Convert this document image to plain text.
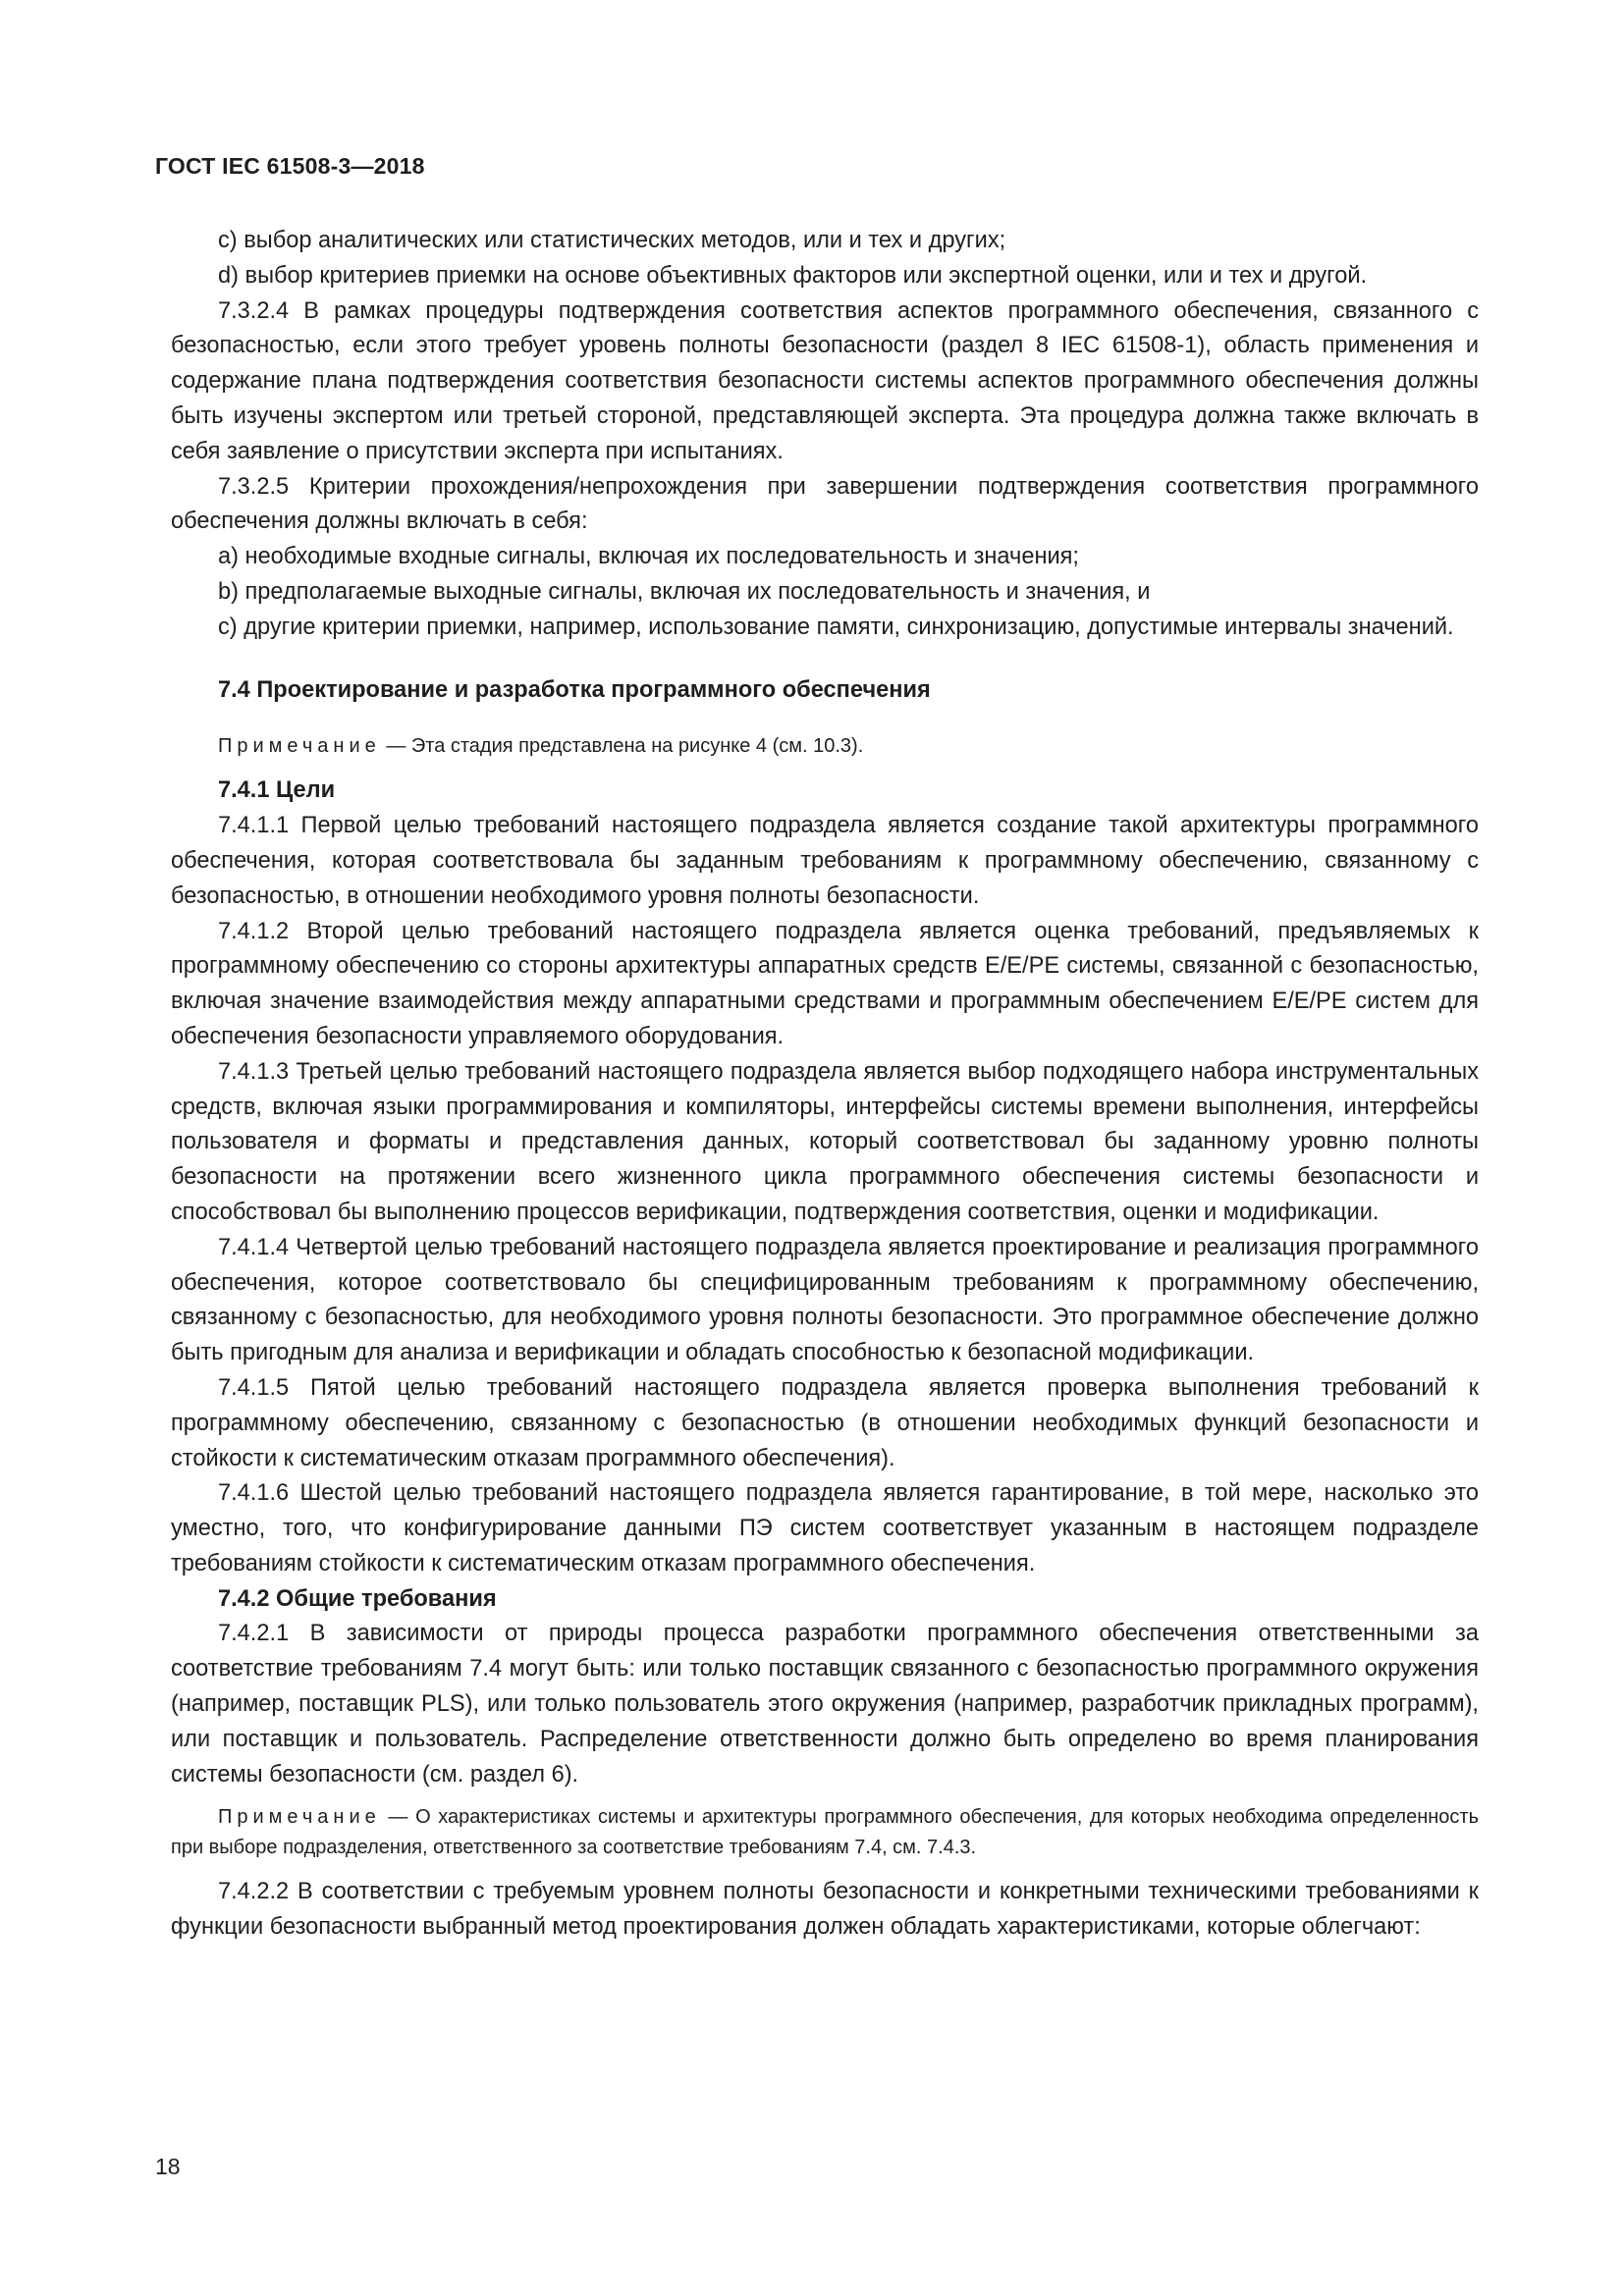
ГОСТ IEC 61508-3—2018

c) выбор аналитических или статистических методов, или и тех и других;

d) выбор критериев приемки на основе объективных факторов или экспертной оценки, или и тех и другой.

7.3.2.4 В рамках процедуры подтверждения соответствия аспектов программного обеспечения, связанного с безопасностью, если этого требует уровень полноты безопасности (раздел 8 IEC 61508-1), область применения и содержание плана подтверждения соответствия безопасности системы аспектов программного обеспечения должны быть изучены экспертом или третьей стороной, представляющей эксперта. Эта процедура должна также включать в себя заявление о присутствии эксперта при испытаниях.

7.3.2.5 Критерии прохождения/непрохождения при завершении подтверждения соответствия программного обеспечения должны включать в себя:

a) необходимые входные сигналы, включая их последовательность и значения;

b) предполагаемые выходные сигналы, включая их последовательность и значения, и

c) другие критерии приемки, например, использование памяти, синхронизацию, допустимые интервалы значений.

7.4 Проектирование и разработка программного обеспечения

Примечание — Эта стадия представлена на рисунке 4 (см. 10.3).

7.4.1 Цели

7.4.1.1 Первой целью требований настоящего подраздела является создание такой архитектуры программного обеспечения, которая соответствовала бы заданным требованиям к программному обеспечению, связанному с безопасностью, в отношении необходимого уровня полноты безопасности.

7.4.1.2 Второй целью требований настоящего подраздела является оценка требований, предъявляемых к программному обеспечению со стороны архитектуры аппаратных средств Е/Е/РЕ системы, связанной с безопасностью, включая значение взаимодействия между аппаратными средствами и программным обеспечением Е/Е/РЕ систем для обеспечения безопасности управляемого оборудования.

7.4.1.3 Третьей целью требований настоящего подраздела является выбор подходящего набора инструментальных средств, включая языки программирования и компиляторы, интерфейсы системы времени выполнения, интерфейсы пользователя и форматы и представления данных, который соответствовал бы заданному уровню полноты безопасности на протяжении всего жизненного цикла программного обеспечения системы безопасности и способствовал бы выполнению процессов верификации, подтверждения соответствия, оценки и модификации.

7.4.1.4 Четвертой целью требований настоящего подраздела является проектирование и реализация программного обеспечения, которое соответствовало бы специфицированным требованиям к программному обеспечению, связанному с безопасностью, для необходимого уровня полноты безопасности. Это программное обеспечение должно быть пригодным для анализа и верификации и обладать способностью к безопасной модификации.

7.4.1.5 Пятой целью требований настоящего подраздела является проверка выполнения требований к программному обеспечению, связанному с безопасностью (в отношении необходимых функций безопасности и стойкости к систематическим отказам программного обеспечения).

7.4.1.6 Шестой целью требований настоящего подраздела является гарантирование, в той мере, насколько это уместно, того, что конфигурирование данными ПЭ систем соответствует указанным в настоящем подразделе требованиям стойкости к систематическим отказам программного обеспечения.

7.4.2 Общие требования

7.4.2.1 В зависимости от природы процесса разработки программного обеспечения ответственными за соответствие требованиям 7.4 могут быть: или только поставщик связанного с безопасностью программного окружения (например, поставщик PLS), или только пользователь этого окружения (например, разработчик прикладных программ), или поставщик и пользователь. Распределение ответственности должно быть определено во время планирования системы безопасности (см. раздел 6).

Примечание — О характеристиках системы и архитектуры программного обеспечения, для которых необходима определенность при выборе подразделения, ответственного за соответствие требованиям 7.4, см. 7.4.3.

7.4.2.2 В соответствии с требуемым уровнем полноты безопасности и конкретными техническими требованиями к функции безопасности выбранный метод проектирования должен обладать характеристиками, которые облегчают:

18
